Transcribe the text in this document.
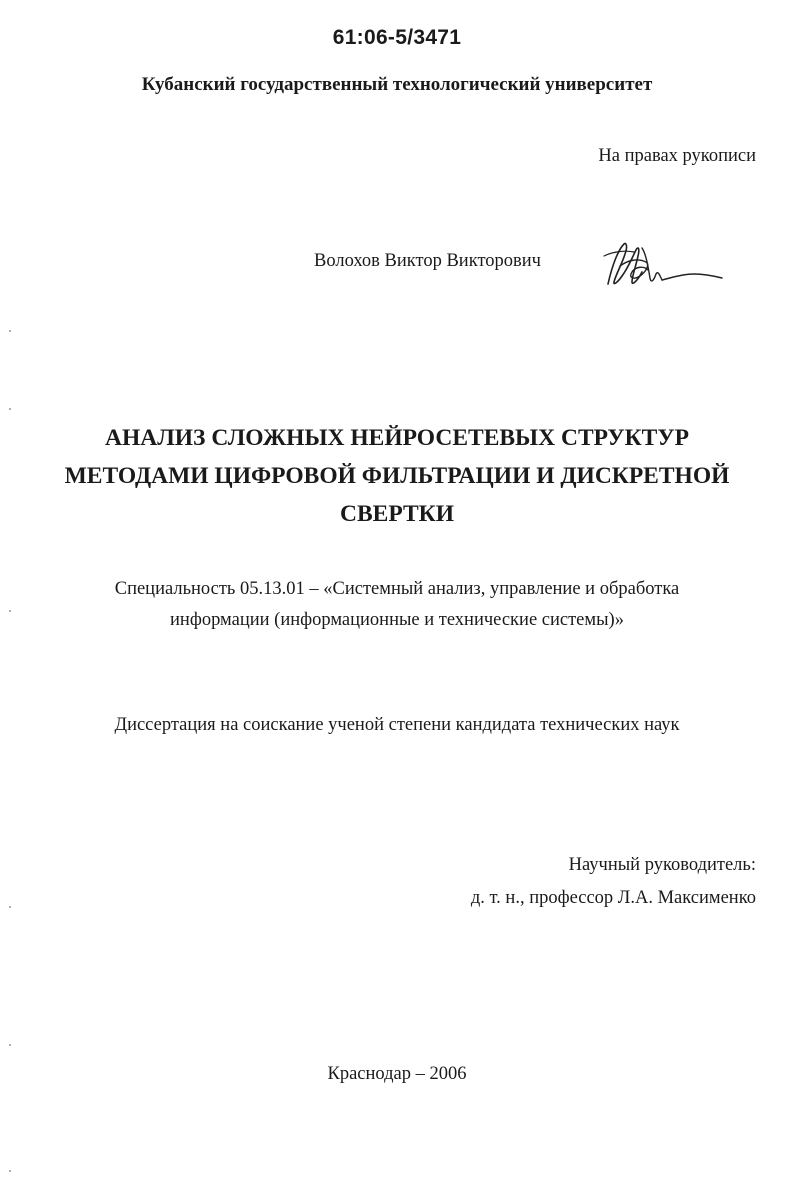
61:06-5/3471
Кубанский государственный технологический университет
На правах рукописи
Волохов Виктор Викторович
АНАЛИЗ СЛОЖНЫХ НЕЙРОСЕТЕВЫХ СТРУКТУР
МЕТОДАМИ ЦИФРОВОЙ ФИЛЬТРАЦИИ И ДИСКРЕТНОЙ
СВЕРТКИ
Специальность 05.13.01 – «Системный анализ, управление и обработка
информации (информационные и технические системы)»
Диссертация на соискание ученой степени кандидата технических наук
Научный руководитель:
д. т. н., профессор Л.А. Максименко
Краснодар – 2006
